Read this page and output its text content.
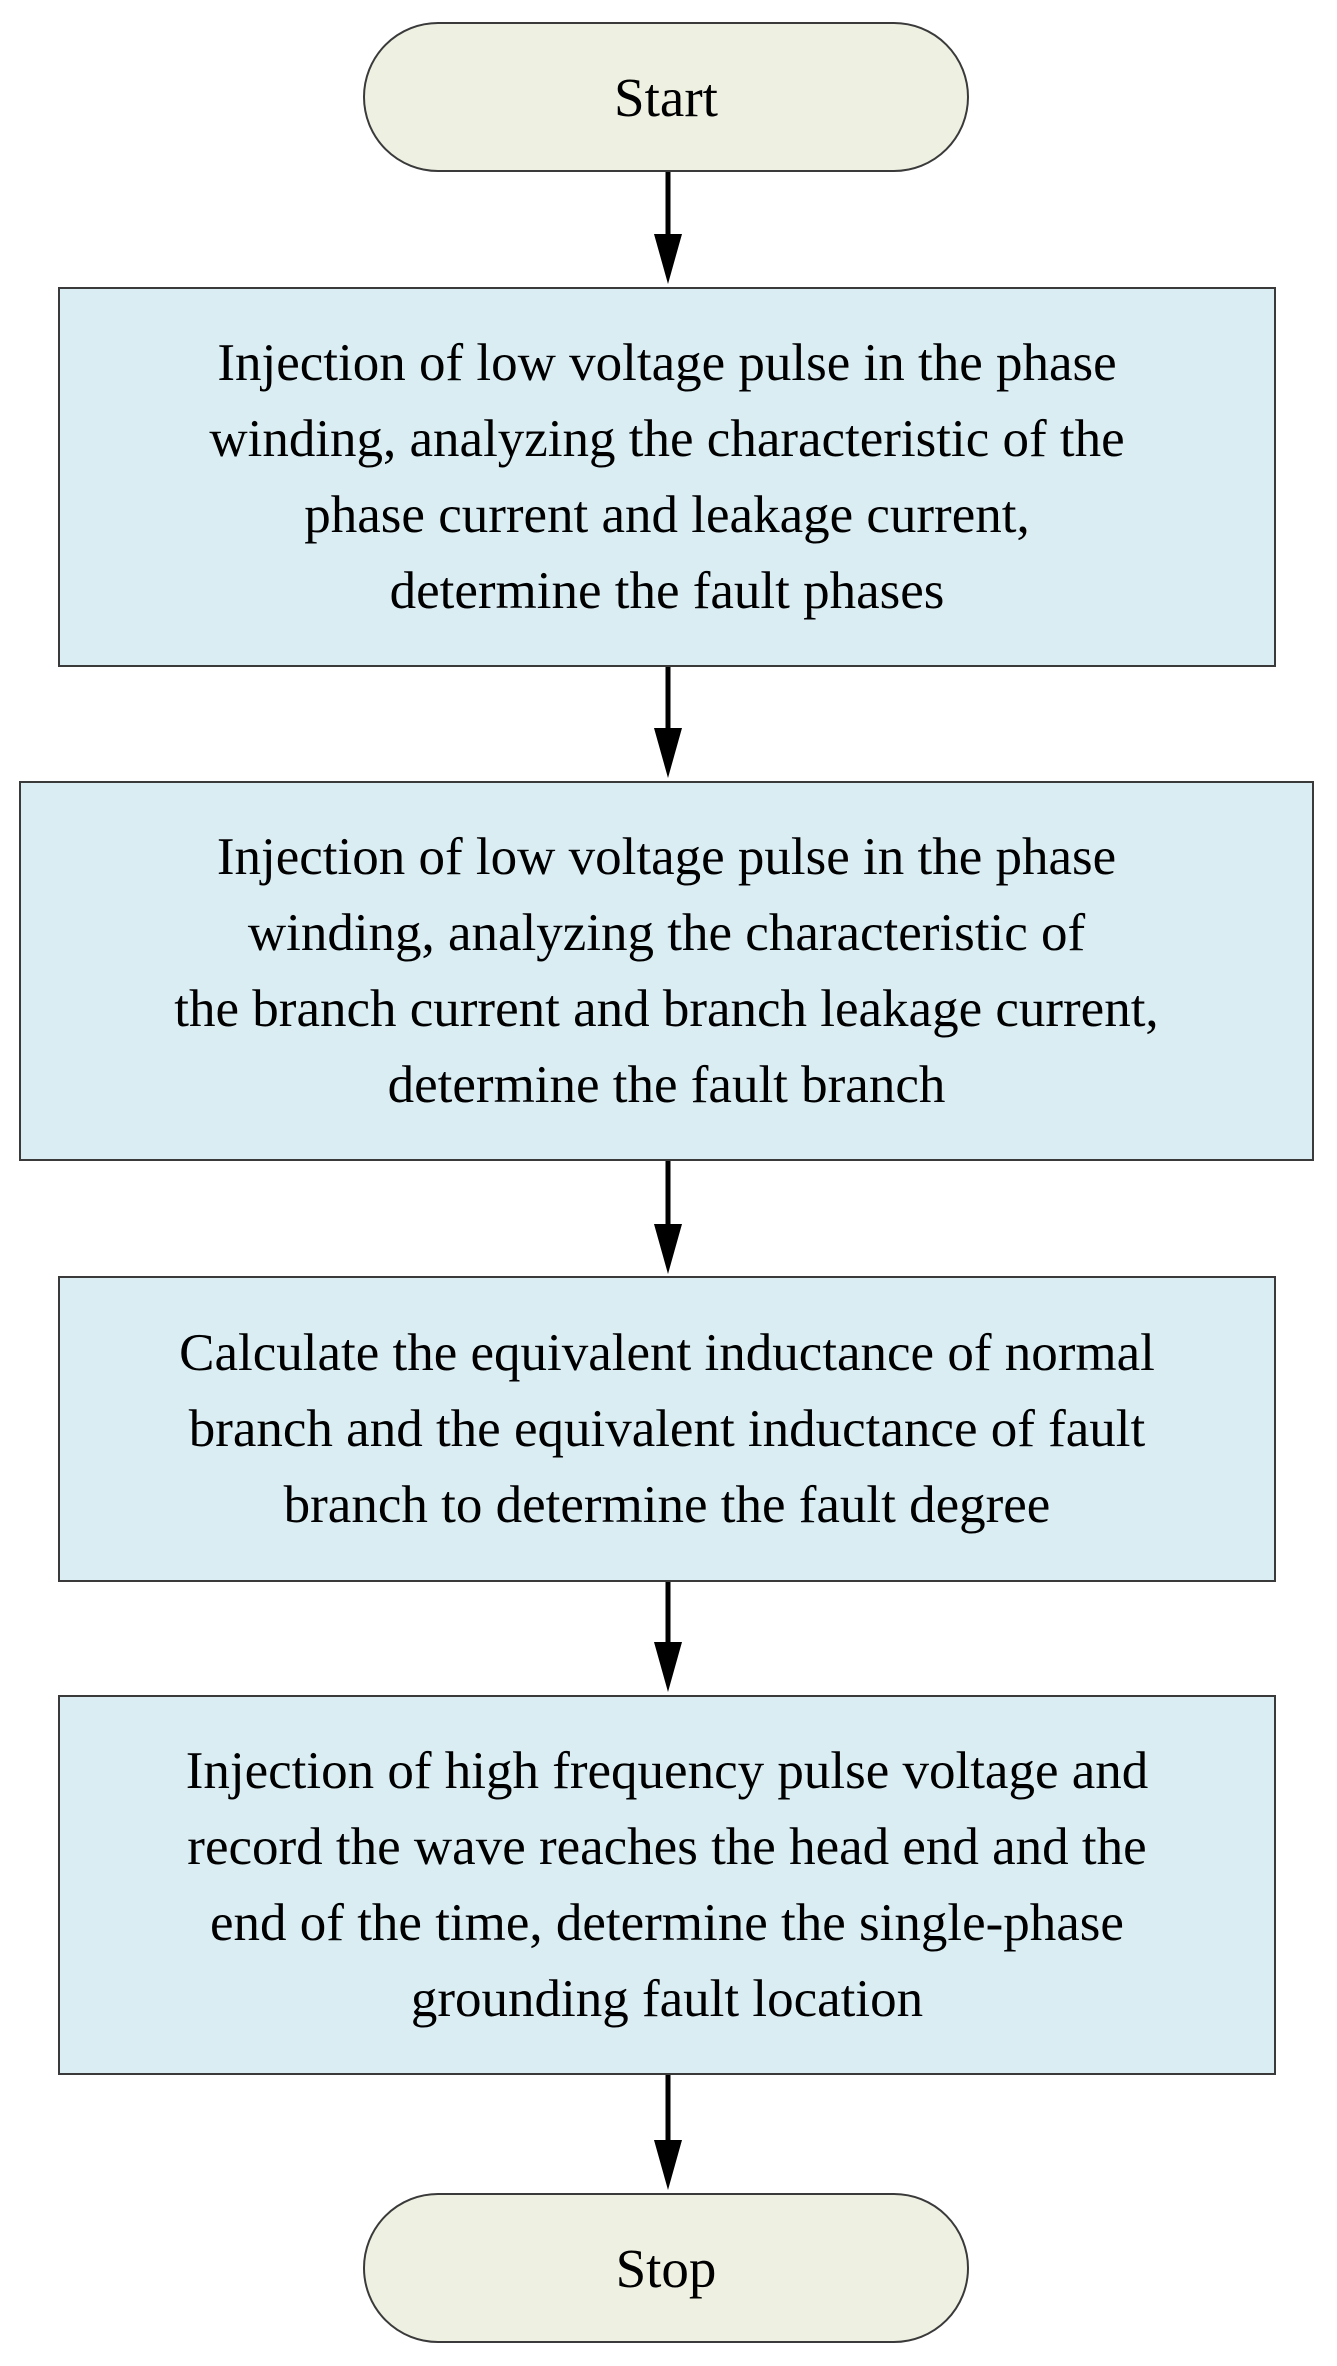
Start
Injection of low voltage pulse in the phase
winding, analyzing the characteristic of the
phase current and leakage current,
determine the fault phases
Injection of low voltage pulse in the phase
winding, analyzing the characteristic of
the branch current and branch leakage current,
determine the fault branch
Calculate the equivalent inductance of normal
branch and the equivalent inductance of fault
branch to determine the fault degree
Injection of high frequency pulse voltage and
record the wave reaches the head end and the
end of the time, determine the single-phase
grounding fault location
Stop
